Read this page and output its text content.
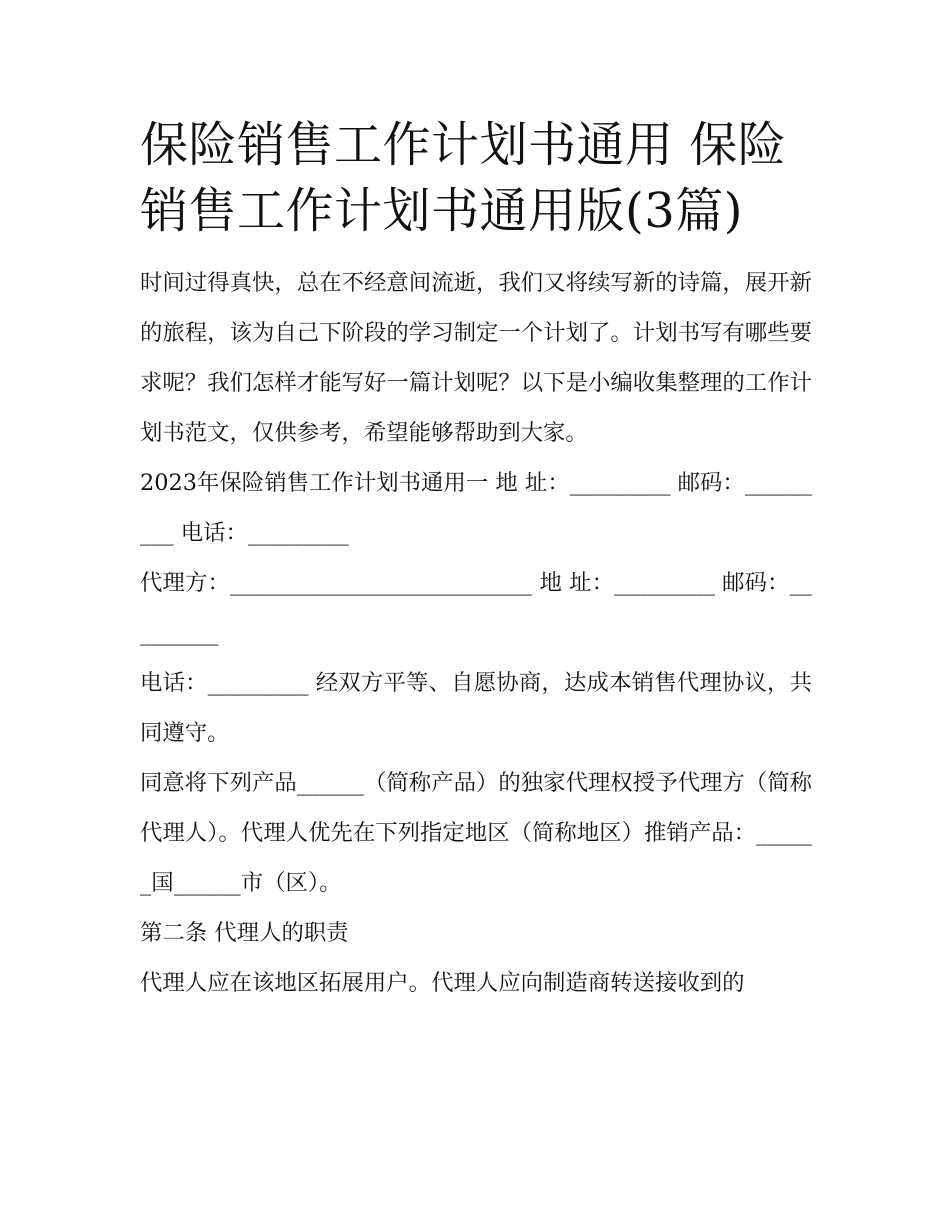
保险销售工作计划书通用 保险销售工作计划书通用版(3篇)

时间过得真快，总在不经意间流逝，我们又将续写新的诗篇，展开新的旅程，该为自己下阶段的学习制定一个计划了。计划书写有哪些要求呢？我们怎样才能写好一篇计划呢？以下是小编收集整理的工作计划书范文，仅供参考，希望能够帮助到大家。

2023年保险销售工作计划书通用一 地 址：_________ 邮码：_________ 电话：_________

代理方：___________________________ 地 址：_________ 邮码：_________

电话：_________ 经双方平等、自愿协商，达成本销售代理协议，共同遵守。

同意将下列产品______（简称产品）的独家代理权授予代理方（简称代理人）。代理人优先在下列指定地区（简称地区）推销产品：______国______市（区）。

第二条 代理人的职责

代理人应在该地区拓展用户。代理人应向制造商转送接收到的
